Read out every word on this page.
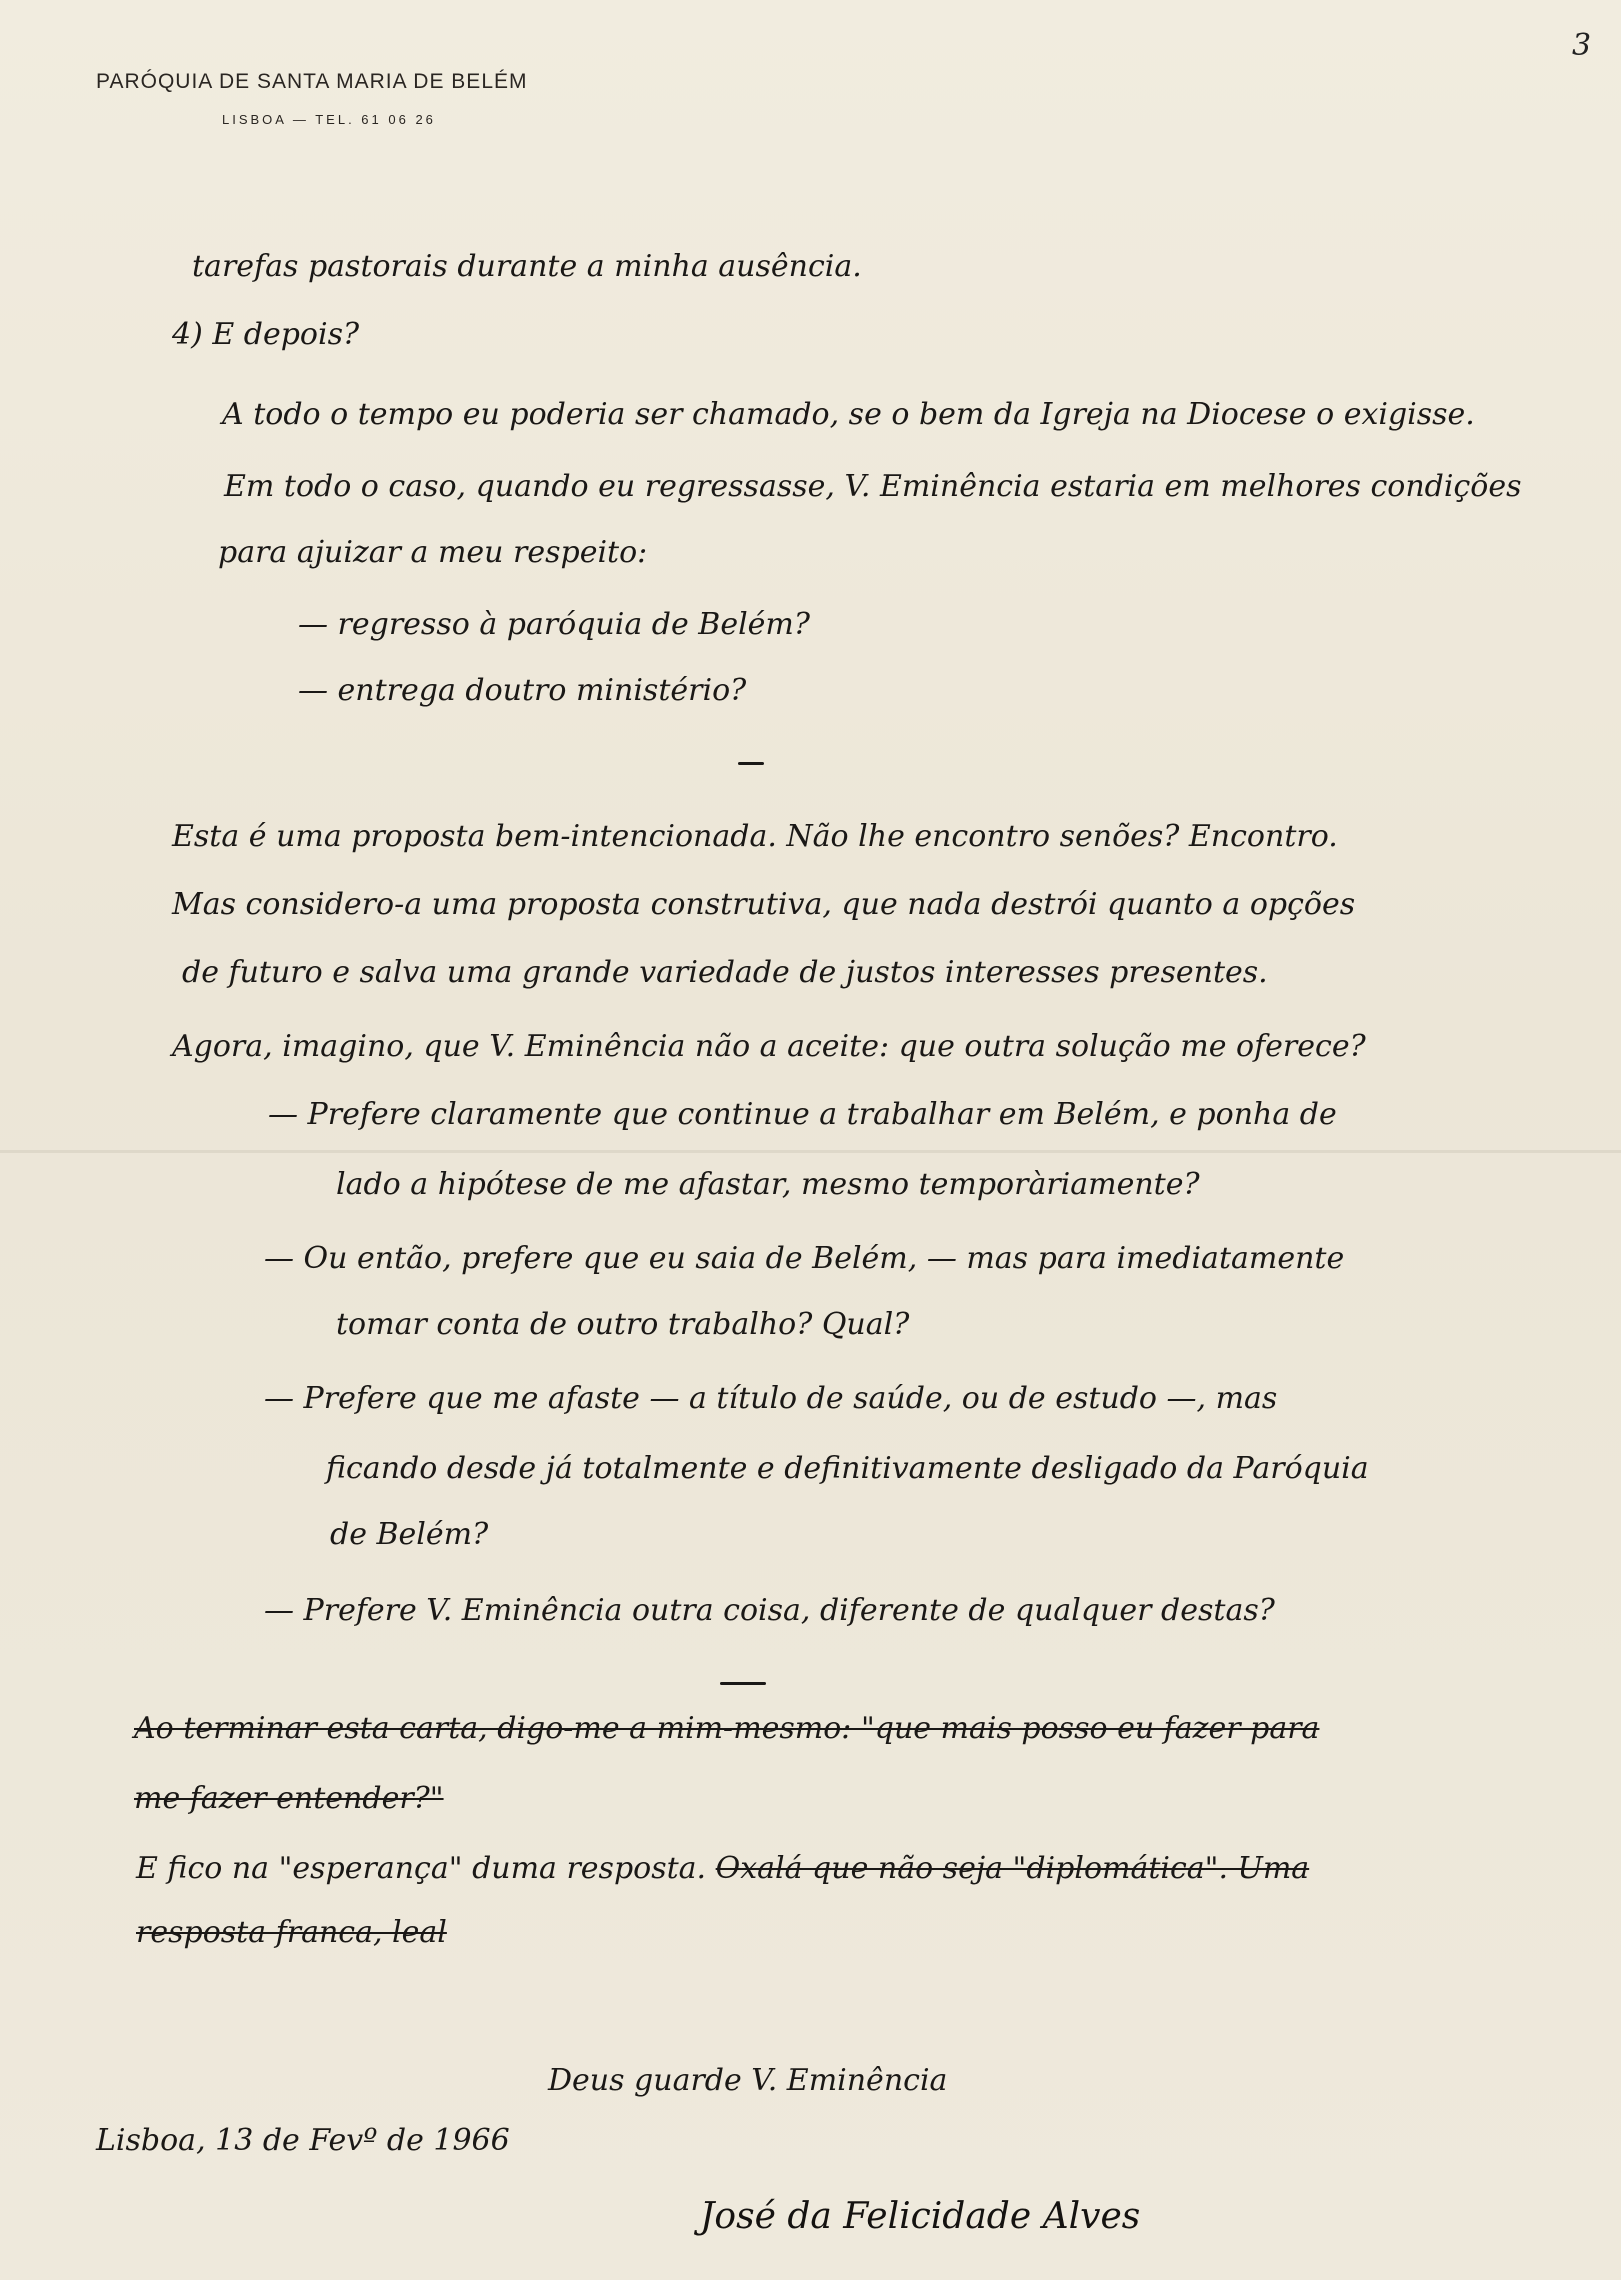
PARÓQUIA DE SANTA MARIA DE BELÉM
LISBOA — TEL. 61 06 26
3
tarefas pastorais durante a minha ausência.
4) E depois?
A todo o tempo eu poderia ser chamado, se o bem da Igreja na Diocese o exigisse.
Em todo o caso, quando eu regressasse, V. Eminência estaria em melhores condições
para ajuizar a meu respeito:
— regresso à paróquia de Belém?
— entrega doutro ministério?
Esta é uma proposta bem-intencionada. Não lhe encontro senões? Encontro.
Mas considero-a uma proposta construtiva, que nada destrói quanto a opções
de futuro e salva uma grande variedade de justos interesses presentes.
Agora, imagino, que V. Eminência não a aceite: que outra solução me oferece?
— Prefere claramente que continue a trabalhar em Belém, e ponha de
lado a hipótese de me afastar, mesmo temporàriamente?
— Ou então, prefere que eu saia de Belém, — mas para imediatamente
tomar conta de outro trabalho? Qual?
— Prefere que me afaste — a título de saúde, ou de estudo —, mas
ficando desde já totalmente e definitivamente desligado da Paróquia
de Belém?
— Prefere V. Eminência outra coisa, diferente de qualquer destas?
Ao terminar esta carta, digo-me a mim-mesmo: "que mais posso eu fazer para
me fazer entender?"
E fico na "esperança" duma resposta. Oxalá que não seja "diplomática". Uma
resposta franca, leal
Deus guarde V. Eminência
Lisboa, 13 de Fevº de 1966
José da Felicidade Alves
